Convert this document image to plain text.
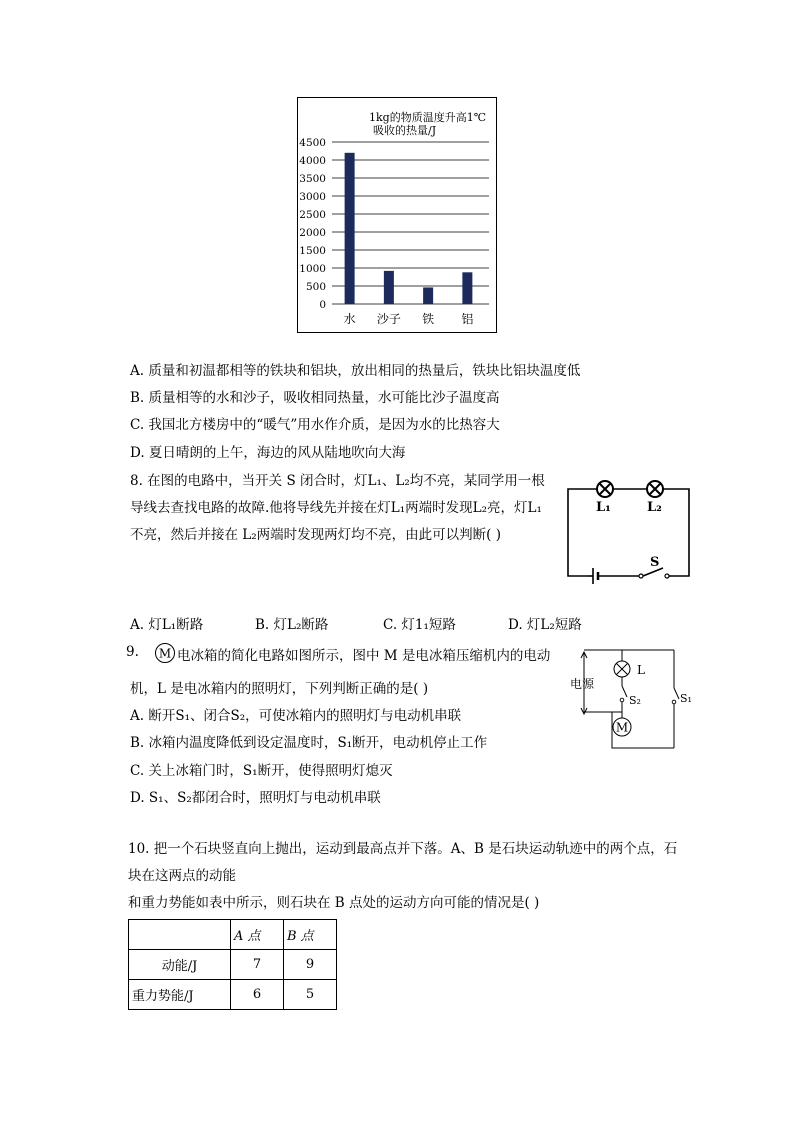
1kg的物质温度升高1℃
吸收的热量/J
4500
4000
3500
3000
2500
2000
1500
1000
500
0
水 沙子 铁 铝
A. 质量和初温都相等的铁块和铝块，放出相同的热量后，铁块比铝块温度低
B. 质量相等的水和沙子，吸收相同热量，水可能比沙子温度高
C. 我国北方楼房中的“暖气”用水作介质，是因为水的比热容大
D. 夏日晴朗的上午，海边的风从陆地吹向大海
8. 在图的电路中，当开关 S 闭合时，灯L₁、L₂均不亮，某同学用一根
导线去查找电路的故障.他将导线先并接在灯L₁两端时发现L₂亮，灯L₁
不亮，然后并接在 L₂两端时发现两灯均不亮，由此可以判断( )
L₁	L₂
S
A. 灯L₁断路	B. 灯L₂断路	C. 灯1₁短路	D. 灯L₂短路
9. M 电冰箱的简化电路如图所示，图中 M 是电冰箱压缩机内的电动
机，L 是电冰箱内的照明灯，下列判断正确的是( )	电源
L
S₂
M
S₁
A. 断开S₁、闭合S₂，可使冰箱内的照明灯与电动机串联
B. 冰箱内温度降低到设定温度时，S₁断开，电动机停止工作
C. 关上冰箱门时，S₁断开，使得照明灯熄灭
D. S₁、S₂都闭合时，照明灯与电动机串联
10. 把一个石块竖直向上抛出，运动到最高点并下落。A、B 是石块运动轨迹中的两个点，石
块在这两点的动能
和重力势能如表中所示，则石块在 B 点处的运动方向可能的情况是( )
	A 点	B 点
动能/J	7	9
重力势能/J	6	5
